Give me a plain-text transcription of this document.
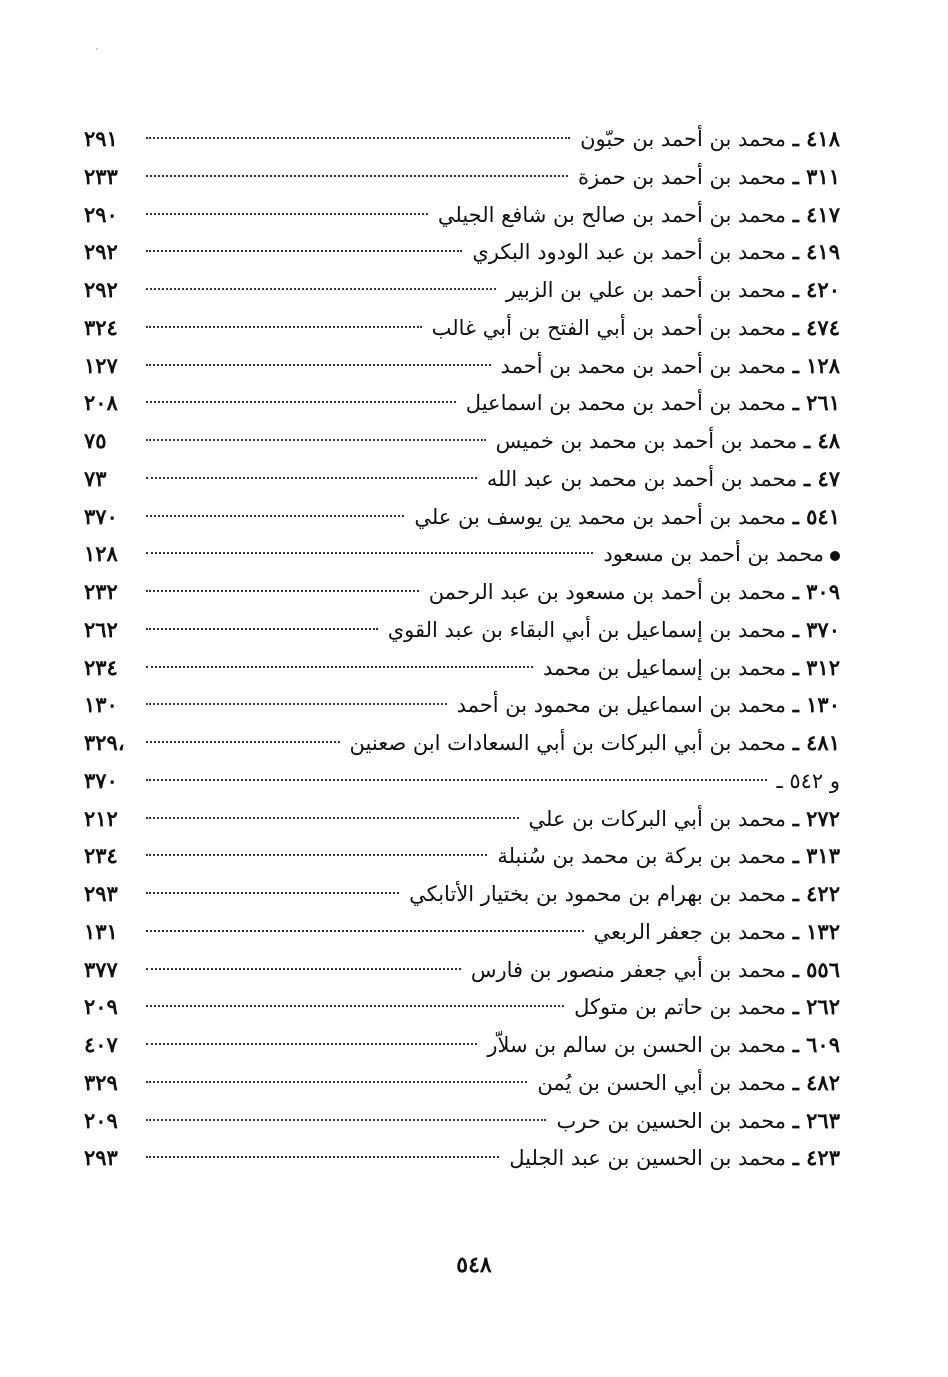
٤١٨ ـ محمد بن أحمد بن حبّون
٢٩١
٣١١ ـ محمد بن أحمد بن حمزة
٢٣٣
٤١٧ ـ محمد بن أحمد بن صالح بن شافع الجيلي
٢٩٠
٤١٩ ـ محمد بن أحمد بن عبد الودود البكري
٢٩٢
٤٢٠ ـ محمد بن أحمد بن علي بن الزبير
٢٩٢
٤٧٤ ـ محمد بن أحمد بن أبي الفتح بن أبي غالب
٣٢٤
١٢٨ ـ محمد بن أحمد بن محمد بن أحمد
١٢٧
٢٦١ ـ محمد بن أحمد بن محمد بن اسماعيل
٢٠٨
٤٨ ـ محمد بن أحمد بن محمد بن خميس
٧٥
٤٧ ـ محمد بن أحمد بن محمد بن عبد الله
٧٣
٥٤١ ـ محمد بن أحمد بن محمد ين يوسف بن علي
٣٧٠
محمد بن أحمد بن مسعود
١٢٨
٣٠٩ ـ محمد بن أحمد بن مسعود بن عبد الرحمن
٢٣٢
٣٧٠ ـ محمد بن إسماعيل بن أبي البقاء بن عبد القوي
٢٦٢
٣١٢ ـ محمد بن إسماعيل بن محمد
٢٣٤
١٣٠ ـ محمد بن اسماعيل بن محمود بن أحمد
١٣٠
٤٨١ ـ محمد بن أبي البركات بن أبي السعادات ابن صعنين
٣٢٩،
و ٥٤٢ ـ
٣٧٠
٢٧٢ ـ محمد بن أبي البركات بن علي
٢١٢
٣١٣ ـ محمد بن بركة بن محمد بن سُنبلة
٢٣٤
٤٢٢ ـ محمد بن بهرام بن محمود بن بختيار الأتابكي
٢٩٣
١٣٢ ـ محمد بن جعفر الربعي
١٣١
٥٥٦ ـ محمد بن أبي جعفر منصور بن فارس
٣٧٧
٢٦٢ ـ محمد بن حاتم بن متوكل
٢٠٩
٦٠٩ ـ محمد بن الحسن بن سالم بن سلاّر
٤٠٧
٤٨٢ ـ محمد بن أبي الحسن بن يُمن
٣٢٩
٢٦٣ ـ محمد بن الحسين بن حرب
٢٠٩
٤٢٣ ـ محمد بن الحسين بن عبد الجليل
٢٩٣
٥٤٨
